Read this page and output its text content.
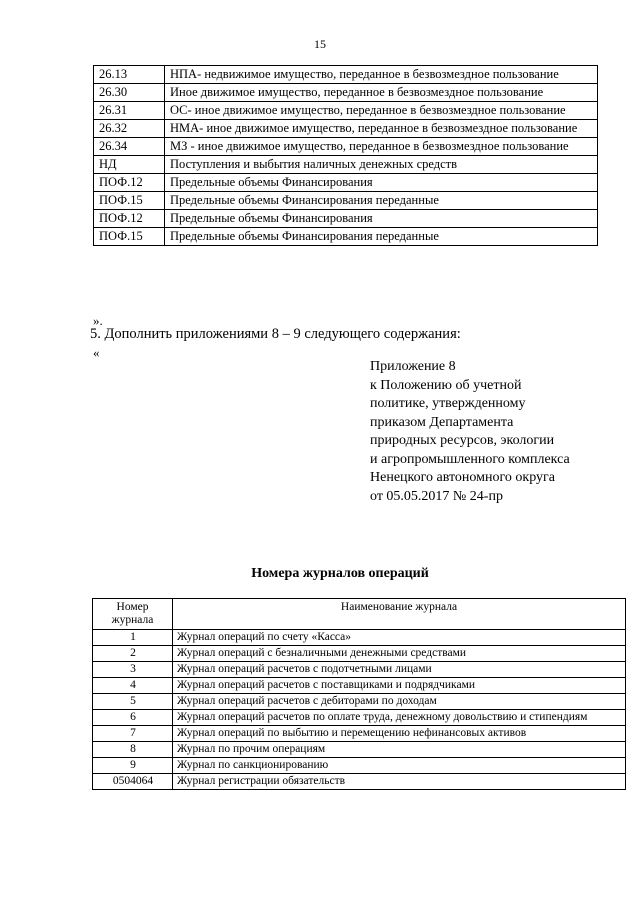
15
26.13	НПА- недвижимое имущество, переданное в безвозмездное пользование
26.30	Иное движимое имущество, переданное в безвозмездное пользование
26.31	ОС- иное движимое имущество, переданное в безвозмездное пользование
26.32	НМА- иное движимое имущество, переданное в безвозмездное пользование
26.34	МЗ - иное движимое имущество, переданное в безвозмездное пользование
НД	Поступления и выбытия наличных денежных средств
ПОФ.12	Предельные объемы Финансирования
ПОФ.15	Предельные объемы Финансирования переданные
ПОФ.12	Предельные объемы Финансирования
ПОФ.15	Предельные объемы Финансирования переданные
».
5. Дополнить приложениями 8 – 9 следующего содержания:
«
Приложение 8
к Положению об учетной
политике, утвержденному
приказом Департамента
природных ресурсов, экологии
и агропромышленного комплекса
Ненецкого автономного округа
от 05.05.2017 № 24-пр
Номера журналов операций
Номер журнала	Наименование журнала
1	Журнал операций по счету «Касса»
2	Журнал операций с безналичными денежными средствами
3	Журнал операций расчетов с подотчетными лицами
4	Журнал операций расчетов с поставщиками и подрядчиками
5	Журнал операций расчетов с дебиторами по доходам
6	Журнал операций расчетов по оплате труда, денежному довольствию и стипендиям
7	Журнал операций по выбытию и перемещению нефинансовых активов
8	Журнал по прочим операциям
9	Журнал по санкционированию
0504064	Журнал регистрации обязательств
